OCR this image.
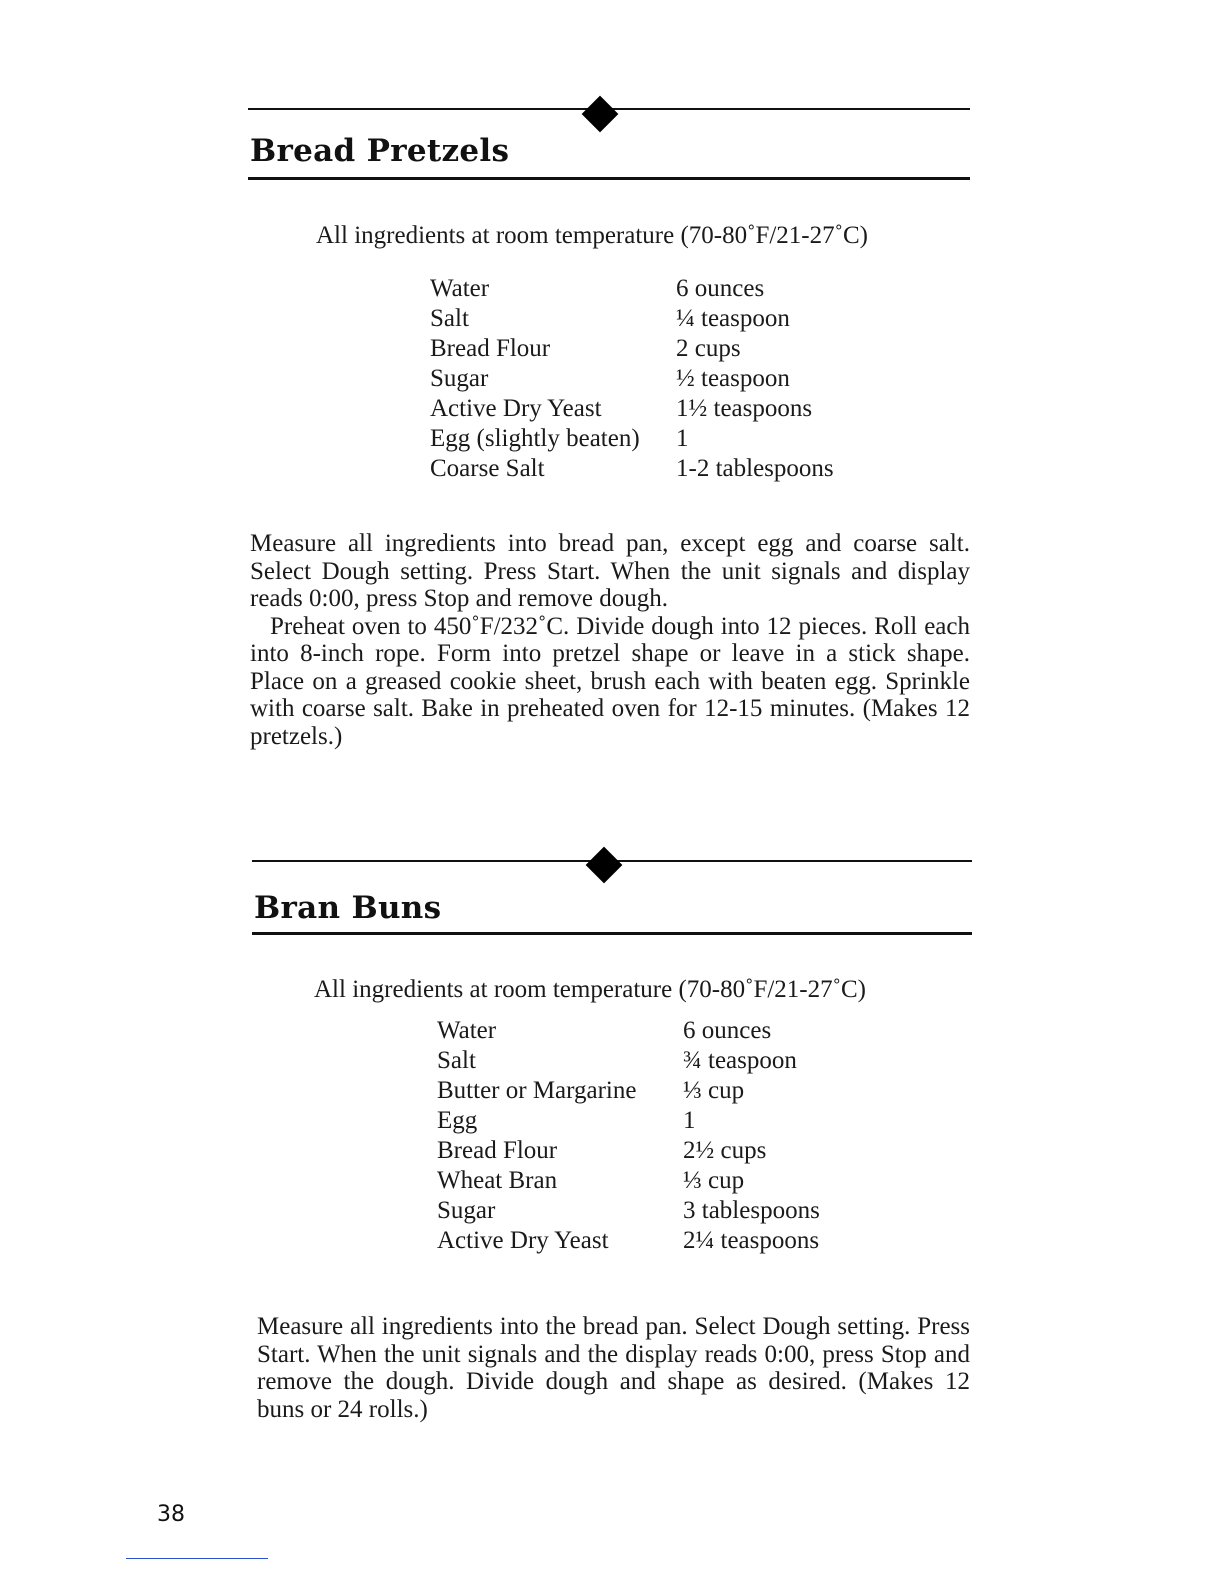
Bread Pretzels

All ingredients at room temperature (70-80˚F/21-27˚C)

Water	6 ounces
Salt	¼ teaspoon
Bread Flour	2 cups
Sugar	½ teaspoon
Active Dry Yeast	1½ teaspoons
Egg (slightly beaten)	1
Coarse Salt	1-2 tablespoons

Measure all ingredients into bread pan, except egg and coarse salt. Select Dough setting. Press Start. When the unit signals and display reads 0:00, press Stop and remove dough.

Preheat oven to 450˚F/232˚C. Divide dough into 12 pieces. Roll each into 8-inch rope. Form into pretzel shape or leave in a stick shape. Place on a greased cookie sheet, brush each with beaten egg. Sprinkle with coarse salt. Bake in preheated oven for 12-15 minutes. (Makes 12 pretzels.)

Bran Buns

All ingredients at room temperature (70-80˚F/21-27˚C)

Water	6 ounces
Salt	¾ teaspoon
Butter or Margarine	⅓ cup
Egg	1
Bread Flour	2½ cups
Wheat Bran	⅓ cup
Sugar	3 tablespoons
Active Dry Yeast	2¼ teaspoons

Measure all ingredients into the bread pan. Select Dough setting. Press Start. When the unit signals and the display reads 0:00, press Stop and remove the dough. Divide dough and shape as desired. (Makes 12 buns or 24 rolls.)

38
